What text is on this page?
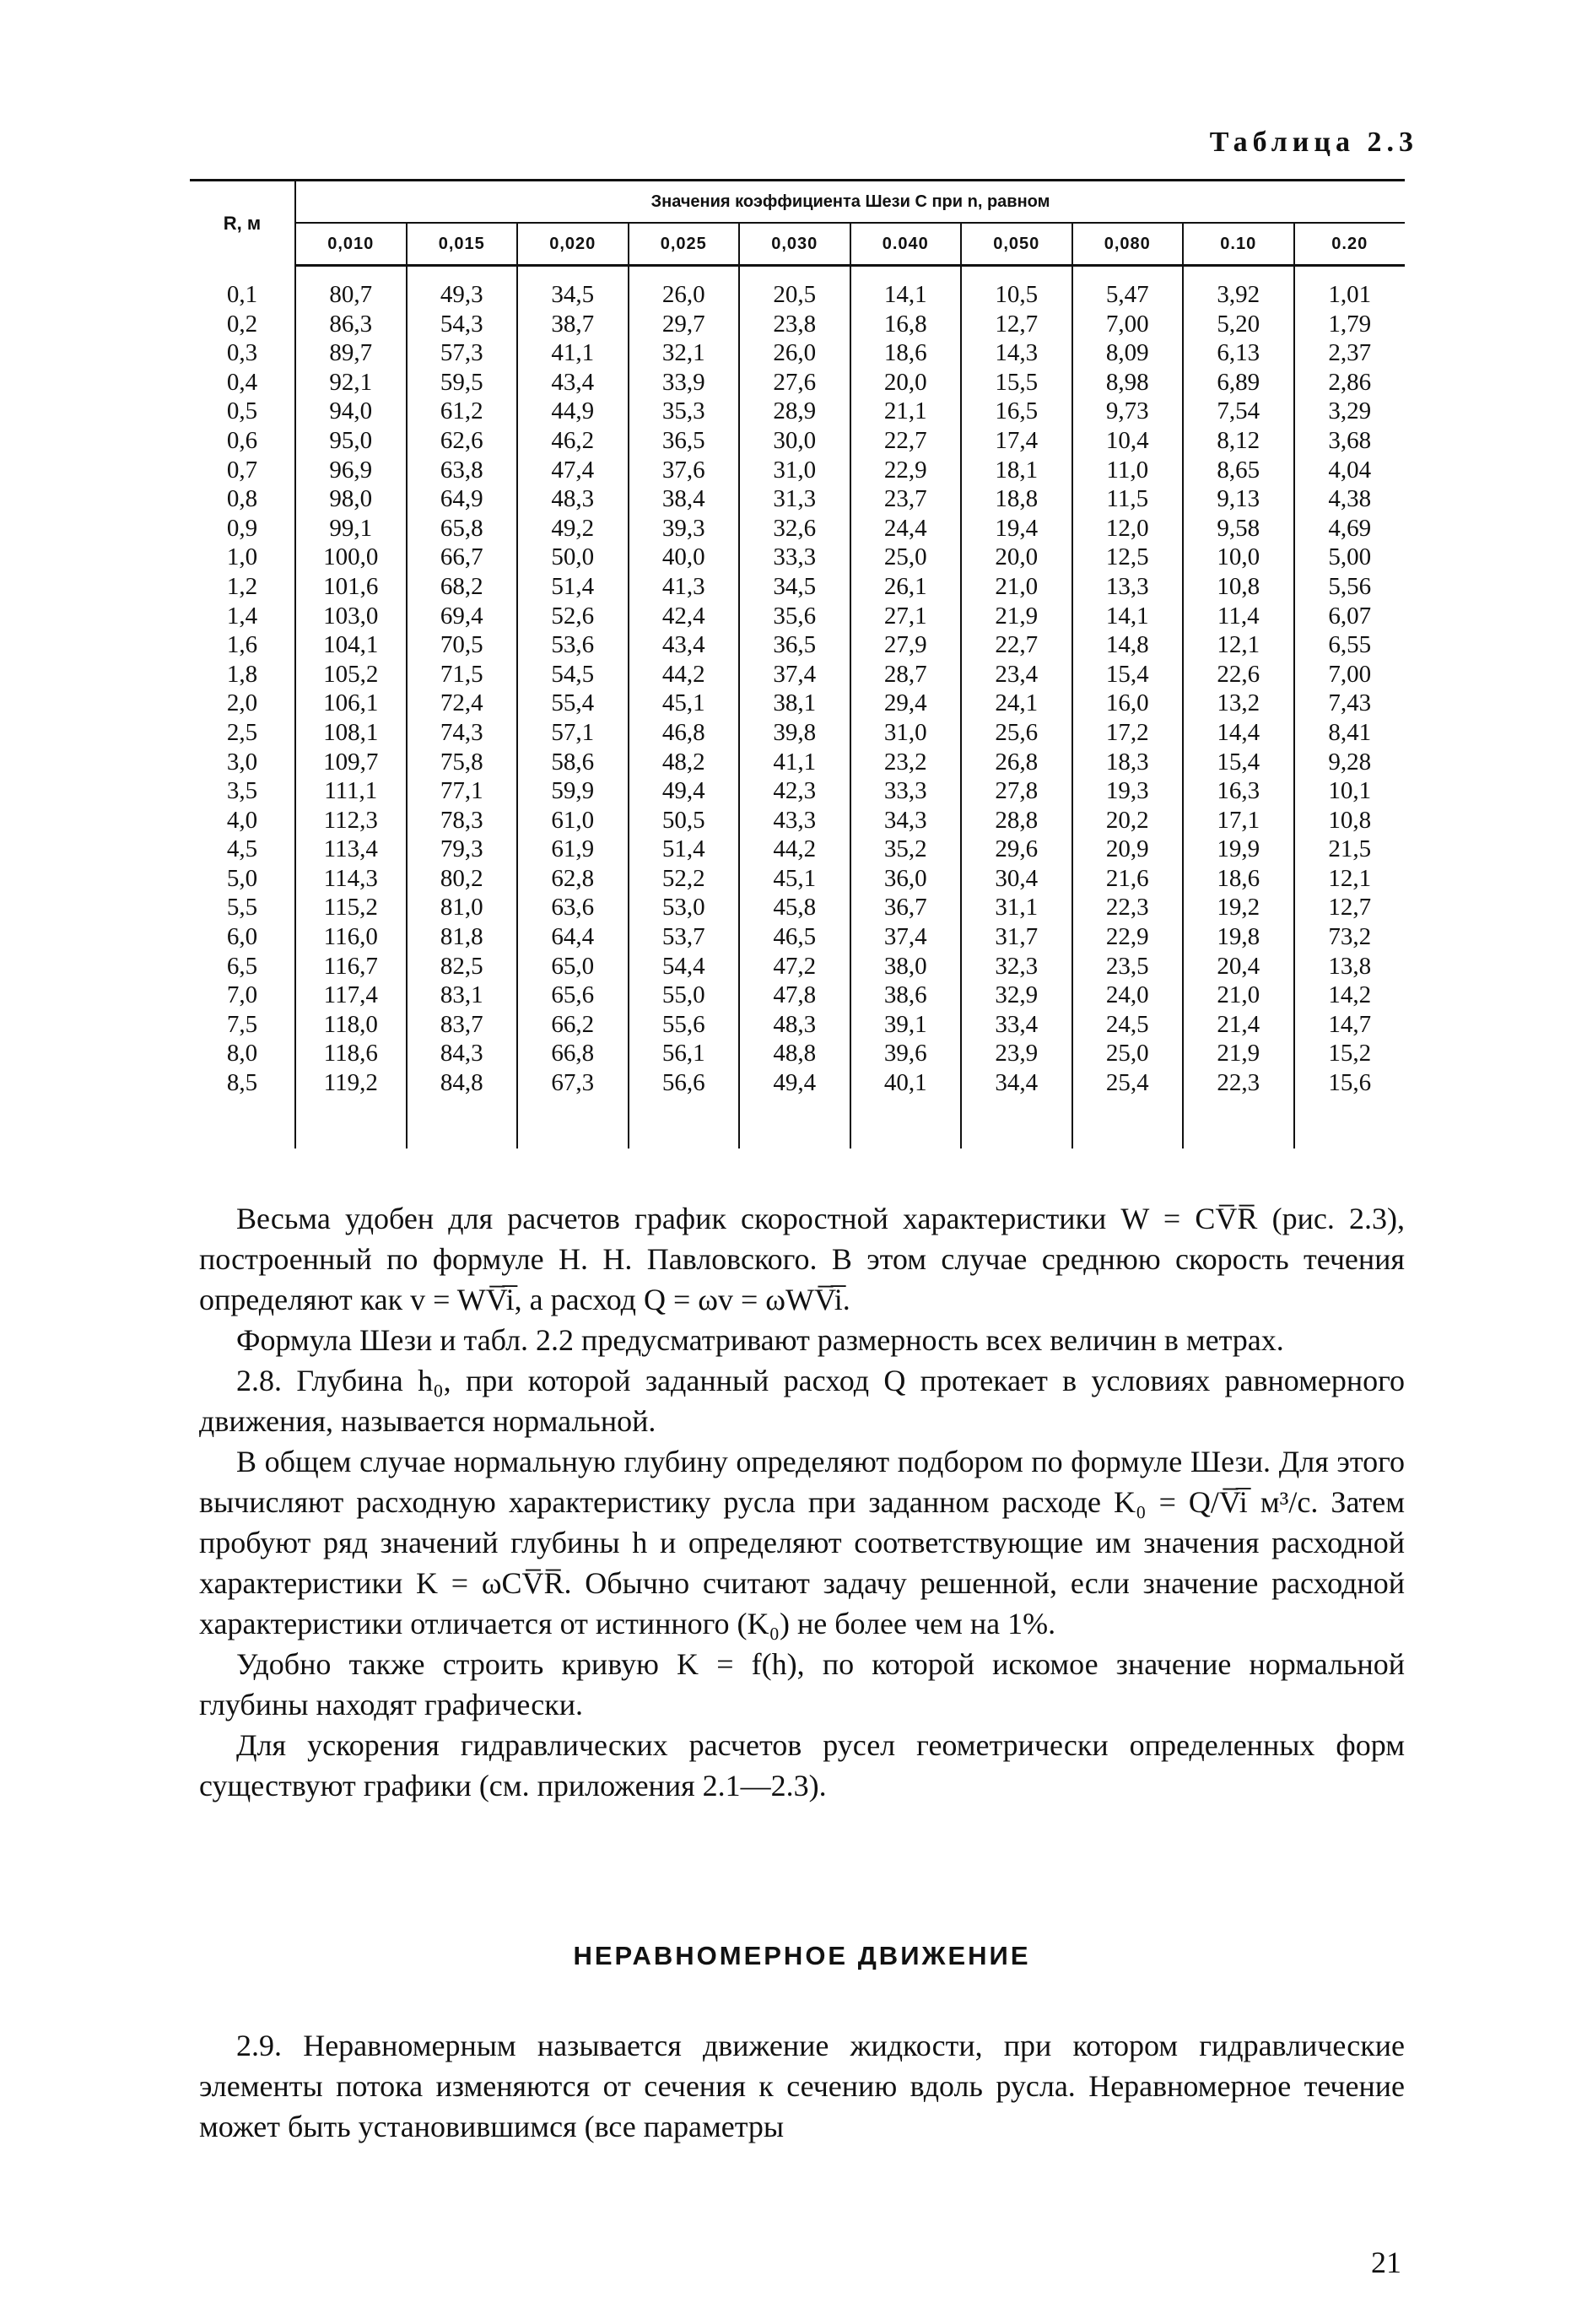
Таблица 2.3
R, м	Значения коэффициента Шези C при n, равном									
	0,010	0,015	0,020	0,025	0,030	0.040	0,050	0,080	0.10	0.20

0,1	80,7	49,3	34,5	26,0	20,5	14,1	10,5	5,47	3,92	1,01
0,2	86,3	54,3	38,7	29,7	23,8	16,8	12,7	7,00	5,20	1,79
0,3	89,7	57,3	41,1	32,1	26,0	18,6	14,3	8,09	6,13	2,37
0,4	92,1	59,5	43,4	33,9	27,6	20,0	15,5	8,98	6,89	2,86
0,5	94,0	61,2	44,9	35,3	28,9	21,1	16,5	9,73	7,54	3,29
0,6	95,0	62,6	46,2	36,5	30,0	22,7	17,4	10,4	8,12	3,68
0,7	96,9	63,8	47,4	37,6	31,0	22,9	18,1	11,0	8,65	4,04
0,8	98,0	64,9	48,3	38,4	31,3	23,7	18,8	11,5	9,13	4,38
0,9	99,1	65,8	49,2	39,3	32,6	24,4	19,4	12,0	9,58	4,69
1,0	100,0	66,7	50,0	40,0	33,3	25,0	20,0	12,5	10,0	5,00
1,2	101,6	68,2	51,4	41,3	34,5	26,1	21,0	13,3	10,8	5,56
1,4	103,0	69,4	52,6	42,4	35,6	27,1	21,9	14,1	11,4	6,07
1,6	104,1	70,5	53,6	43,4	36,5	27,9	22,7	14,8	12,1	6,55
1,8	105,2	71,5	54,5	44,2	37,4	28,7	23,4	15,4	22,6	7,00
2,0	106,1	72,4	55,4	45,1	38,1	29,4	24,1	16,0	13,2	7,43
2,5	108,1	74,3	57,1	46,8	39,8	31,0	25,6	17,2	14,4	8,41
3,0	109,7	75,8	58,6	48,2	41,1	23,2	26,8	18,3	15,4	9,28
3,5	111,1	77,1	59,9	49,4	42,3	33,3	27,8	19,3	16,3	10,1
4,0	112,3	78,3	61,0	50,5	43,3	34,3	28,8	20,2	17,1	10,8
4,5	113,4	79,3	61,9	51,4	44,2	35,2	29,6	20,9	19,9	21,5
5,0	114,3	80,2	62,8	52,2	45,1	36,0	30,4	21,6	18,6	12,1
5,5	115,2	81,0	63,6	53,0	45,8	36,7	31,1	22,3	19,2	12,7
6,0	116,0	81,8	64,4	53,7	46,5	37,4	31,7	22,9	19,8	73,2
6,5	116,7	82,5	65,0	54,4	47,2	38,0	32,3	23,5	20,4	13,8
7,0	117,4	83,1	65,6	55,0	47,8	38,6	32,9	24,0	21,0	14,2
7,5	118,0	83,7	66,2	55,6	48,3	39,1	33,4	24,5	21,4	14,7
8,0	118,6	84,3	66,8	56,1	48,8	39,6	23,9	25,0	21,9	15,2
8,5	119,2	84,8	67,3	56,6	49,4	40,1	34,4	25,4	22,3	15,6

Весьма удобен для расчетов график скоростной характеристики W = CV̅R̅ (рис. 2.3), построенный по формуле Н. Н. Павловского. В этом случае среднюю скорость течения определяют как v = WV̅i̅, а расход Q = ωv = ωWV̅i̅.

Формула Шези и табл. 2.2 предусматривают размерность всех величин в метрах.

2.8. Глубина h₀, при которой заданный расход Q протекает в условиях равномерного движения, называется нормальной.

В общем случае нормальную глубину определяют подбором по формуле Шези. Для этого вычисляют расходную характеристику русла при заданном расходе K₀ = Q/V̅i̅ м³/с. Затем пробуют ряд значений глубины h и определяют соответствующие им значения расходной характеристики K = ωCV̅R̅. Обычно считают задачу решенной, если значение расходной характеристики отличается от истинного (K₀) не более чем на 1%.

Удобно также строить кривую K = f(h), по которой искомое значение нормальной глубины находят графически.

Для ускорения гидравлических расчетов русел геометрически определенных форм существуют графики (см. приложения 2.1—2.3).

НЕРАВНОМЕРНОЕ ДВИЖЕНИЕ

2.9. Неравномерным называется движение жидкости, при котором гидравлические элементы потока изменяются от сечения к сечению вдоль русла. Неравномерное течение может быть установившимся (все параметры

21
